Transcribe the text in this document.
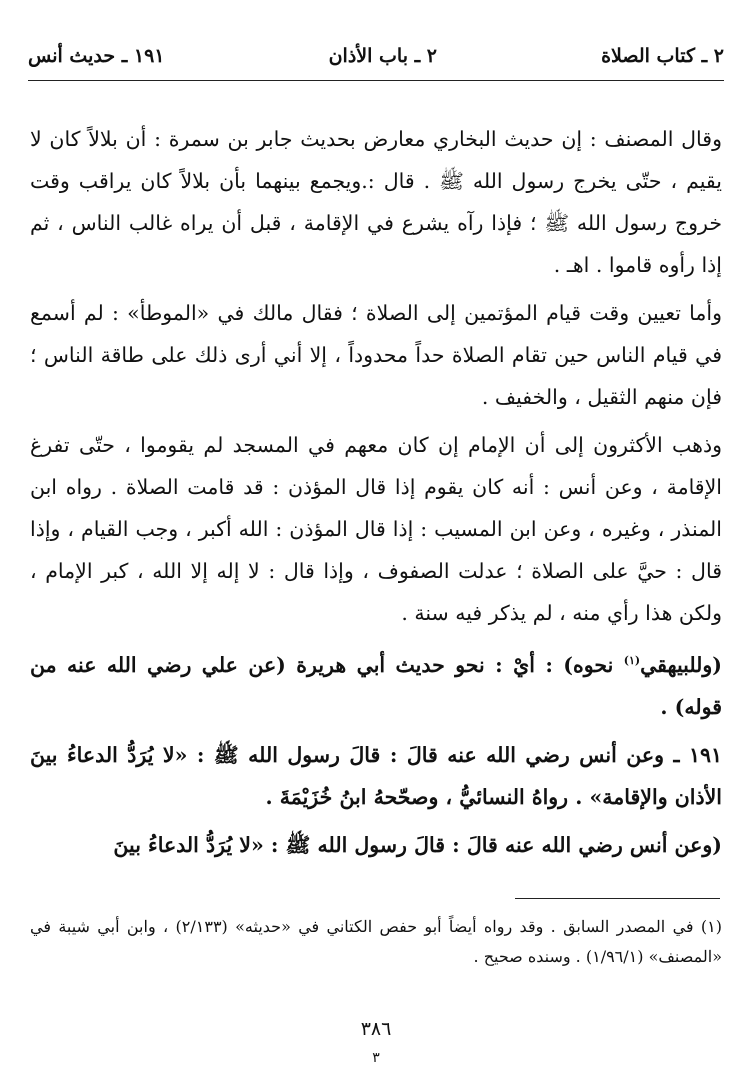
٢ ـ كتاب الصلاة
٢ ـ باب الأذان
١٩١ ـ حديث أنس

وقال المصنف : إن حديث البخاري معارض بحديث جابر بن سمرة : أن بلالاً كان لا يقيم ، حتّى يخرج رسول الله ﷺ . قال :.ويجمع بينهما بأن بلالاً كان يراقب وقت خروج رسول الله ﷺ ؛ فإذا رآه يشرع في الإقامة ، قبل أن يراه غالب الناس ، ثم إذا رأوه قاموا . اهـ .

وأما تعيين وقت قيام المؤتمين إلى الصلاة ؛ فقال مالك في «الموطأ» : لم أسمع في قيام الناس حين تقام الصلاة حداً محدوداً ، إلا أني أرى ذلك على طاقة الناس ؛ فإن منهم الثقيل ، والخفيف .

وذهب الأكثرون إلى أن الإمام إن كان معهم في المسجد لم يقوموا ، حتّى تفرغ الإقامة ، وعن أنس : أنه كان يقوم إذا قال المؤذن : قد قامت الصلاة . رواه ابن المنذر ، وغيره ، وعن ابن المسيب : إذا قال المؤذن : الله أكبر ، وجب القيام ، وإذا قال : حيَّ على الصلاة ؛ عدلت الصفوف ، وإذا قال : لا إله إلا الله ، كبر الإمام ، ولكن هذا رأي منه ، لم يذكر فيه سنة .

(وللبيهقي$^{(١)}$ نحوه) : أيْ : نحو حديث أبي هريرة (عن علي رضي الله عنه من قوله) .

١٩١ ـ وعن أنس رضي الله عنه قالَ : قالَ رسول الله ﷺ : «لا يُرَدُّ الدعاءُ بينَ الأذان والإقامة» . رواهُ النسائيُّ ، وصحّحهُ ابنُ خُزَيْمَةَ .

(وعن أنس رضي الله عنه قالَ : قالَ رسول الله ﷺ : «لا يُرَدُّ الدعاءُ بينَ

(١) في المصدر السابق . وقد رواه أيضاً أبو حفص الكتاني في «حديثه» (٢/١٣٣) ، وابن أبي شيبة في «المصنف» (١/٩٦/١) . وسنده صحيح .
٣٨٦
٣
